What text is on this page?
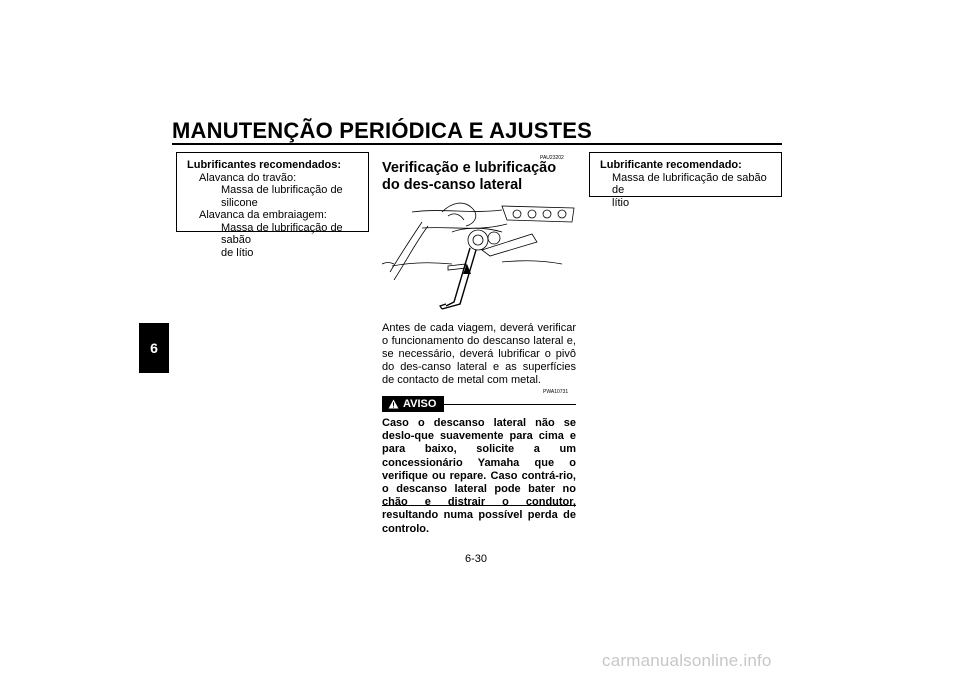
MANUTENÇÃO PERIÓDICA E AJUSTES
6
Lubrificantes recomendados:
Alavanca do travão:
Massa de lubrificação de silicone
Alavanca da embraiagem:
Massa de lubrificação de sabão
de lítio
PAU23202
Verificação e lubrificação do des-canso lateral
Antes de cada viagem, deverá verificar o funcionamento do descanso lateral e, se necessário, deverá lubrificar o pivô do des-canso lateral e as superfícies de contacto de metal com metal.
PWA10731
AVISO
Caso o descanso lateral não se deslo-que suavemente para cima e para baixo, solicite a um concessionário Yamaha que o verifique ou repare. Caso contrá-rio, o descanso lateral pode bater no chão e distrair o condutor, resultando numa possível perda de controlo.
Lubrificante recomendado:
Massa de lubrificação de sabão de
lítio
6-30
carmanualsonline.info
